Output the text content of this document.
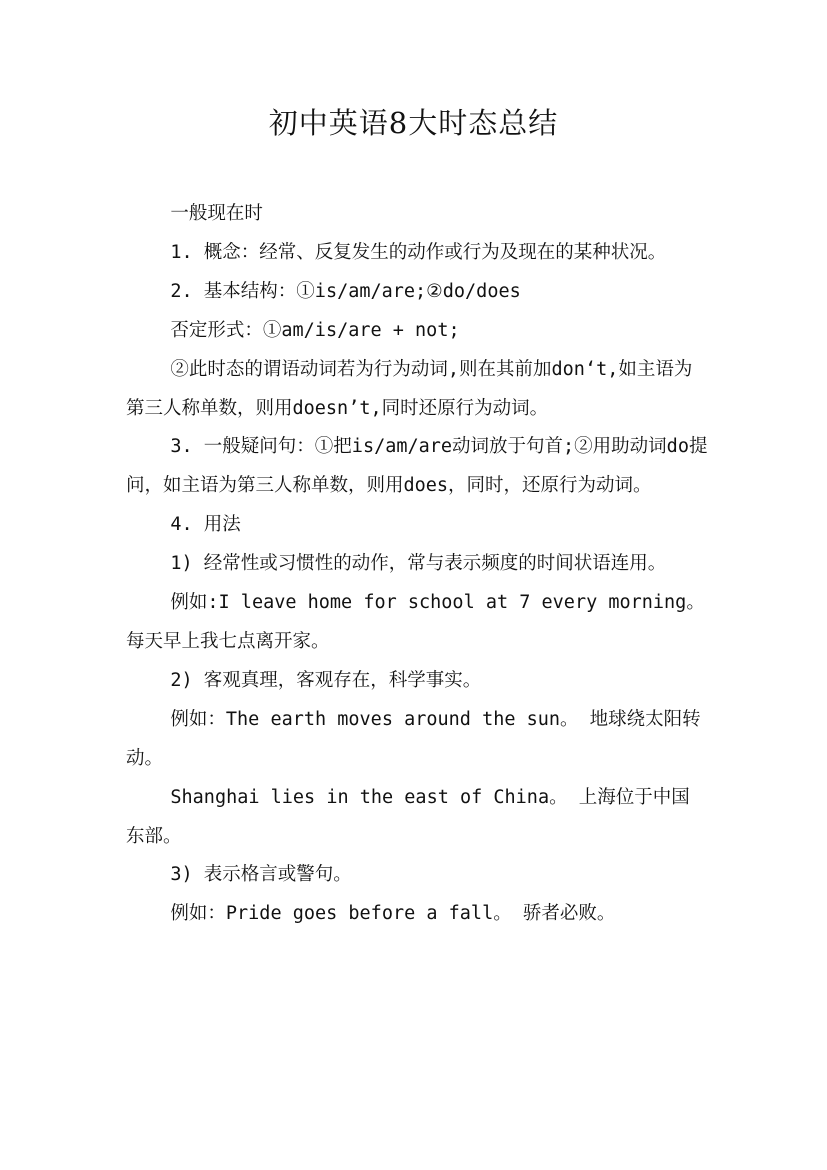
初中英语8大时态总结

一般现在时

1. 概念：经常、反复发生的动作或行为及现在的某种状况。

2. 基本结构：①is/am/are;②do/does

否定形式：①am/is/are + not;

②此时态的谓语动词若为行为动词,则在其前加don‘t,如主语为第三人称单数，则用doesn’t,同时还原行为动词。

3. 一般疑问句：①把is/am/are动词放于句首;②用助动词do提问，如主语为第三人称单数，则用does，同时，还原行为动词。

4. 用法

1) 经常性或习惯性的动作，常与表示频度的时间状语连用。

例如:I leave home for school at 7 every morning。每天早上我七点离开家。

2) 客观真理，客观存在，科学事实。

例如：The earth moves around the sun。 地球绕太阳转动。

Shanghai lies in the east of China。 上海位于中国东部。

3) 表示格言或警句。

例如：Pride goes before a fall。 骄者必败。
